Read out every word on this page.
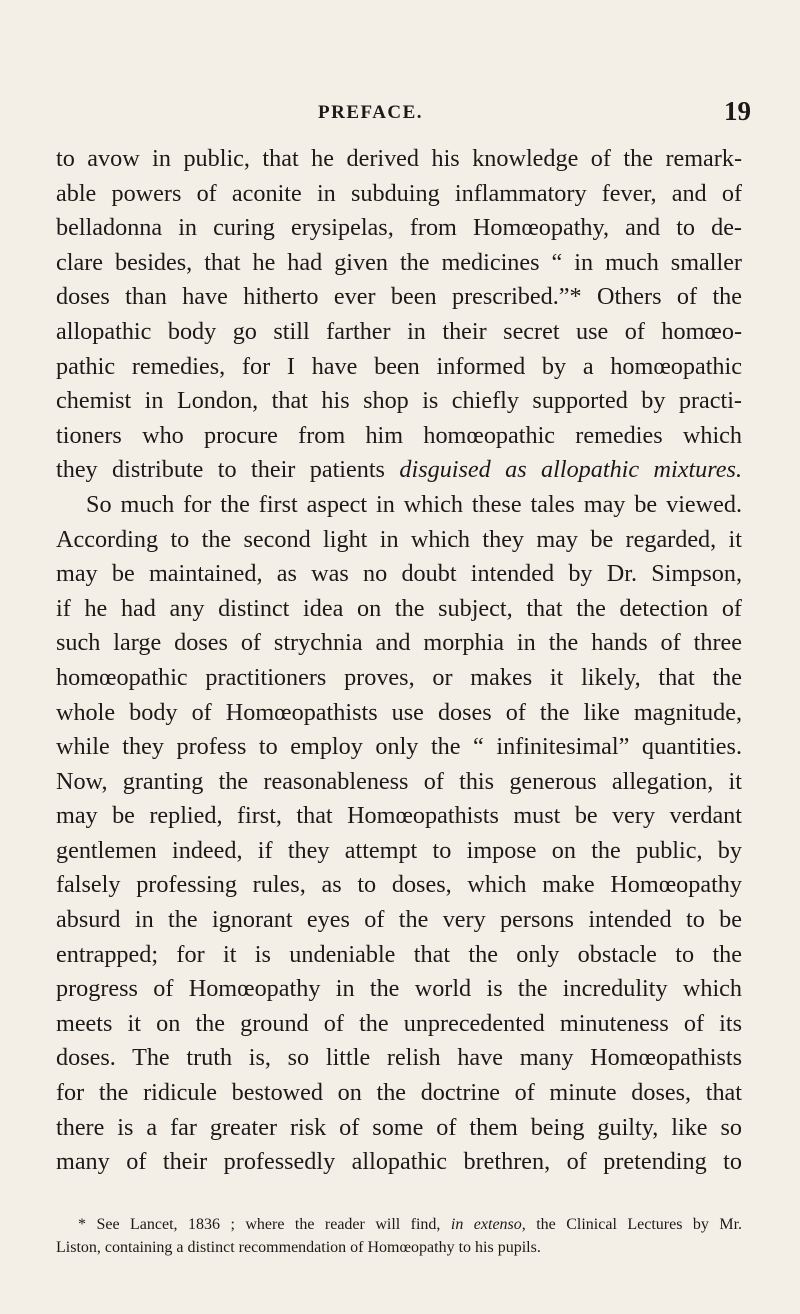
PREFACE.	19
to avow in public, that he derived his knowledge of the remark-
able powers of aconite in subduing inflammatory fever, and of
belladonna in curing erysipelas, from Homœopathy, and to de-
clare besides, that he had given the medicines “ in much smaller
doses than have hitherto ever been prescribed.”* Others of the
allopathic body go still farther in their secret use of homœo-
pathic remedies, for I have been informed by a homœopathic
chemist in London, that his shop is chiefly supported by practi-
tioners who procure from him homœopathic remedies which
they distribute to their patients disguised as allopathic mixtures.
So much for the first aspect in which these tales may be viewed.
According to the second light in which they may be regarded, it
may be maintained, as was no doubt intended by Dr. Simpson,
if he had any distinct idea on the subject, that the detection of
such large doses of strychnia and morphia in the hands of three
homœopathic practitioners proves, or makes it likely, that the
whole body of Homœopathists use doses of the like magnitude,
while they profess to employ only the “ infinitesimal” quantities.
Now, granting the reasonableness of this generous allegation, it
may be replied, first, that Homœopathists must be very verdant
gentlemen indeed, if they attempt to impose on the public, by
falsely professing rules, as to doses, which make Homœopathy
absurd in the ignorant eyes of the very persons intended to be
entrapped; for it is undeniable that the only obstacle to the
progress of Homœopathy in the world is the incredulity which
meets it on the ground of the unprecedented minuteness of its
doses. The truth is, so little relish have many Homœopathists
for the ridicule bestowed on the doctrine of minute doses, that
there is a far greater risk of some of them being guilty, like so
many of their professedly allopathic brethren, of pretending to
* See Lancet, 1836 ; where the reader will find, in extenso, the Clinical Lectures by Mr.
Liston, containing a distinct recommendation of Homœopathy to his pupils.
